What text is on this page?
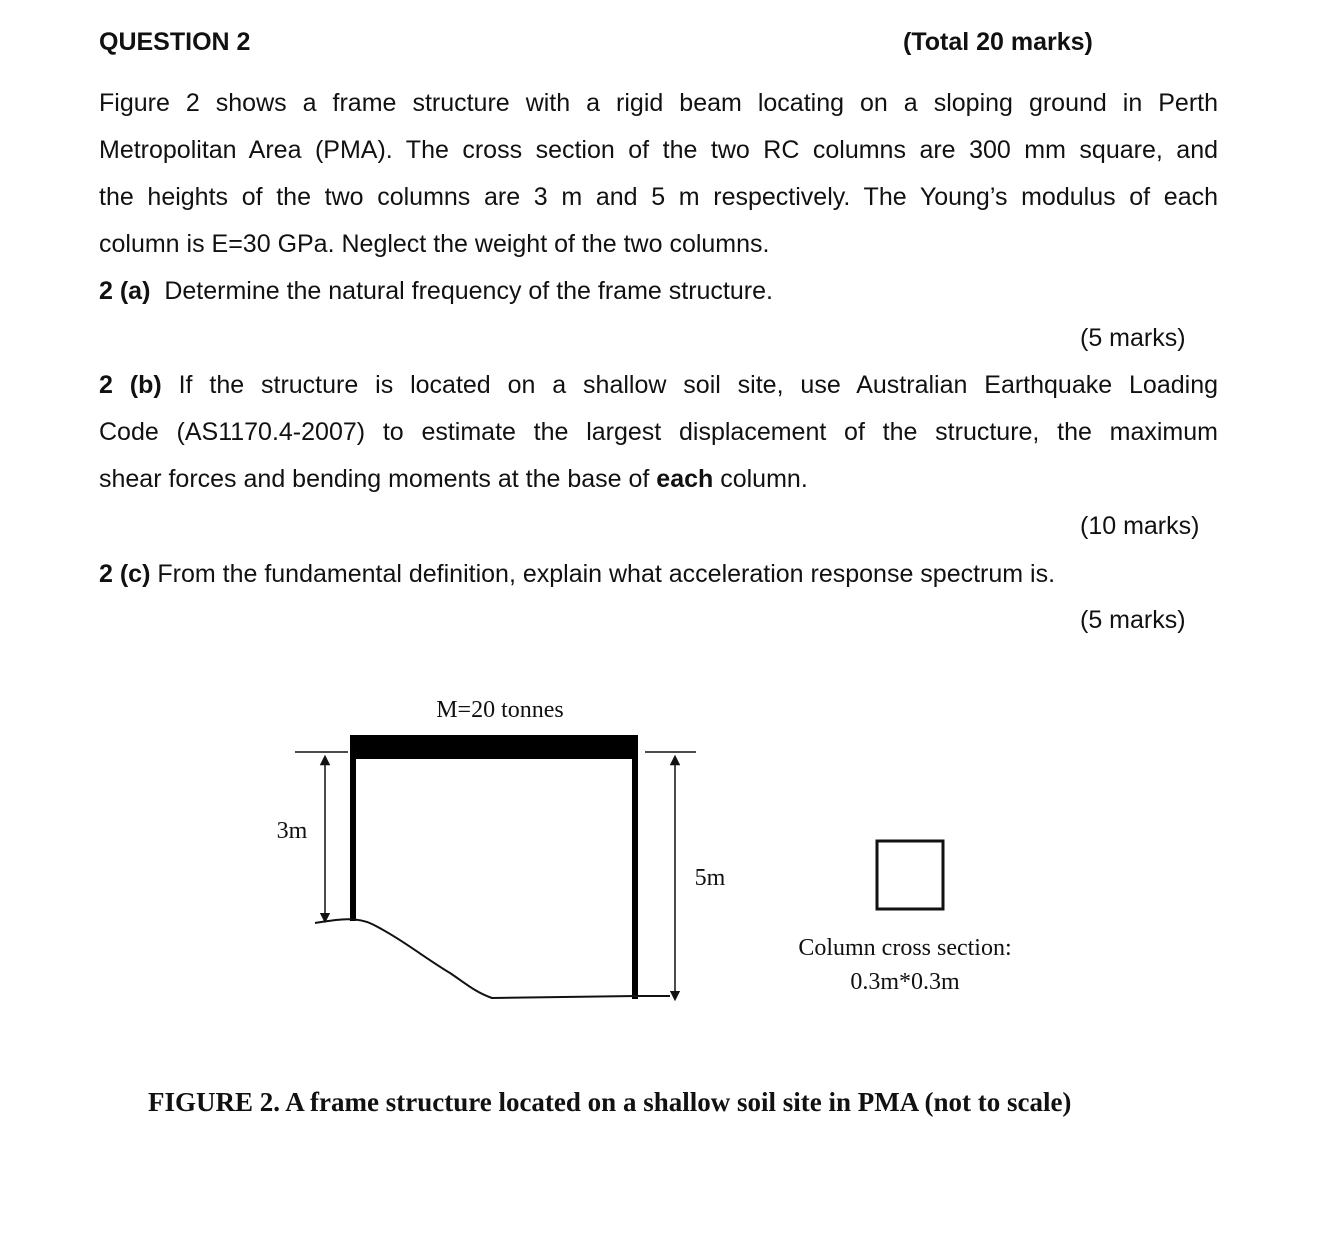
QUESTION 2	(Total 20 marks)
Figure 2 shows a frame structure with a rigid beam locating on a sloping ground in Perth
Metropolitan Area (PMA). The cross section of the two RC columns are 300 mm square, and
the heights of the two columns are 3 m and 5 m respectively. The Young’s modulus of each
column is E=30 GPa. Neglect the weight of the two columns.
2 (a) Determine the natural frequency of the frame structure.
(5 marks)
2 (b) If the structure is located on a shallow soil site, use Australian Earthquake Loading
Code (AS1170.4-2007) to estimate the largest displacement of the structure, the maximum
shear forces and bending moments at the base of each column.
(10 marks)
2 (c) From the fundamental definition, explain what acceleration response spectrum is.
(5 marks)
M=20 tonnes
3m
5m
Column cross section:
0.3m*0.3m
FIGURE 2. A frame structure located on a shallow soil site in PMA (not to scale)
